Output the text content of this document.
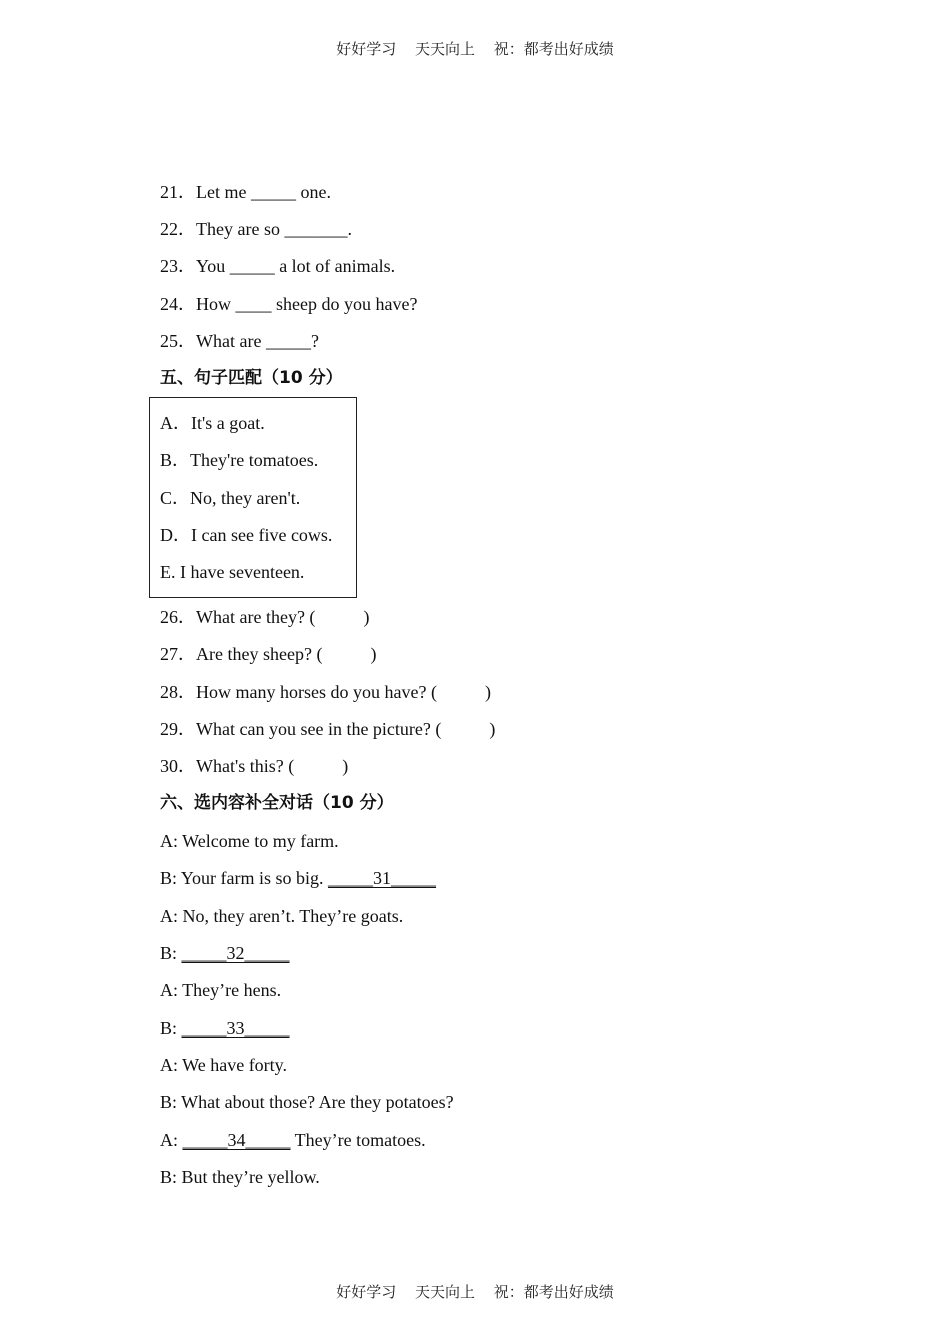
好好学习 天天向上 祝：都考出好成绩
21．Let me _____ one.
22．They are so _______.
23．You _____ a lot of animals.
24．How ____ sheep do you have?
25．What are _____?
五、句子匹配（10 分）
A．It's a goat.
B．They're tomatoes.
C．No, they aren't.
D．I can see five cows.
E. I have seventeen.
26．What are they? (	)
27．Are they sheep? (	)
28．How many horses do you have? (	)
29．What can you see in the picture? (	)
30．What's this? (	)
六、选内容补全对话（10 分）
A: Welcome to my farm.
B: Your farm is so big. _____31_____
A: No, they aren’t. They’re goats.
B: _____32_____
A: They’re hens.
B: _____33_____
A: We have forty.
B: What about those? Are they potatoes?
A: _____34_____ They’re tomatoes.
B: But they’re yellow.
好好学习 天天向上 祝：都考出好成绩
